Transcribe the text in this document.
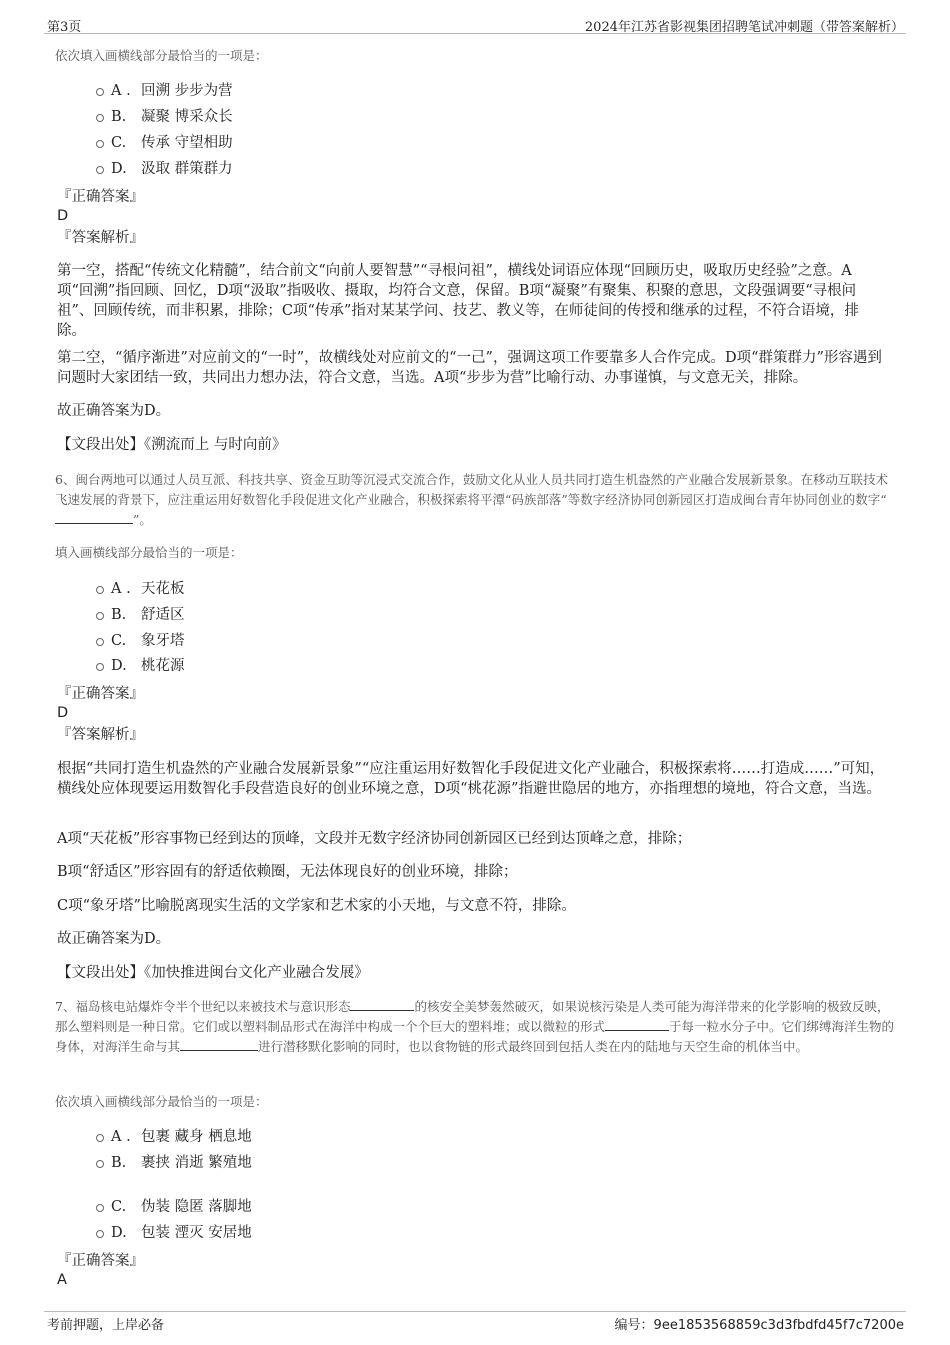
第3页	2024年江苏省影视集团招聘笔试冲刺题（带答案解析）
依次填入画横线部分最恰当的一项是：
A . 回溯 步步为营
B. 凝聚 博采众长
C. 传承 守望相助
D. 汲取 群策群力
『正确答案』
D
『答案解析』
第一空，搭配“传统文化精髓”，结合前文“向前人要智慧”“寻根问祖”，横线处词语应体现“回顾历史，吸取历史经验”之意。A项“回溯”指回顾、回忆，D项“汲取”指吸收、摄取，均符合文意，保留。B项“凝聚”有聚集、积聚的意思，文段强调要“寻根问祖”、回顾传统，而非积累，排除；C项“传承”指对某某学问、技艺、教义等，在师徒间的传授和继承的过程，不符合语境，排除。
第二空，“循序渐进”对应前文的“一时”，故横线处对应前文的“一己”，强调这项工作要靠多人合作完成。D项“群策群力”形容遇到问题时大家团结一致，共同出力想办法，符合文意，当选。A项“步步为营”比喻行动、办事谨慎，与文意无关，排除。
故正确答案为D。
【文段出处】《溯流而上 与时向前》
6、闽台两地可以通过人员互派、科技共享、资金互助等沉浸式交流合作，鼓励文化从业人员共同打造生机盎然的产业融合发展新景象。在移动互联技术飞速发展的背景下，应注重运用好数智化手段促进文化产业融合，积极探索将平潭“码族部落”等数字经济协同创新园区打造成闽台青年协同创业的数字“”。
填入画横线部分最恰当的一项是：
A . 天花板
B. 舒适区
C. 象牙塔
D. 桃花源
『正确答案』
D
『答案解析』
根据“共同打造生机盎然的产业融合发展新景象”“应注重运用好数智化手段促进文化产业融合，积极探索将……打造成……”可知，横线处应体现要运用数智化手段营造良好的创业环境之意，D项“桃花源”指避世隐居的地方，亦指理想的境地，符合文意，当选。
A项“天花板”形容事物已经到达的顶峰，文段并无数字经济协同创新园区已经到达顶峰之意，排除；
B项“舒适区”形容固有的舒适依赖圈，无法体现良好的创业环境，排除；
C项“象牙塔”比喻脱离现实生活的文学家和艺术家的小天地，与文意不符，排除。
故正确答案为D。
【文段出处】《加快推进闽台文化产业融合发展》
7、福岛核电站爆炸令半个世纪以来被技术与意识形态	的核安全美梦轰然破灭，如果说核污染是人类可能为海洋带来的化学影响的极致反映，那么塑料则是一种日常。它们或以塑料制品形式在海洋中构成一个个巨大的塑料堆；或以微粒的形式	于每一粒水分子中。它们绑缚海洋生物的身体，对海洋生命与其	进行潜移默化影响的同时，也以食物链的形式最终回到包括人类在内的陆地与天空生命的机体当中。
依次填入画横线部分最恰当的一项是：
A . 包裹 藏身 栖息地
B. 裹挟 消逝 繁殖地
C. 伪装 隐匿 落脚地
D. 包装 湮灭 安居地
『正确答案』
A
考前押题，上岸必备	编号：9ee1853568859c3d3fbdfd45f7c7200e
